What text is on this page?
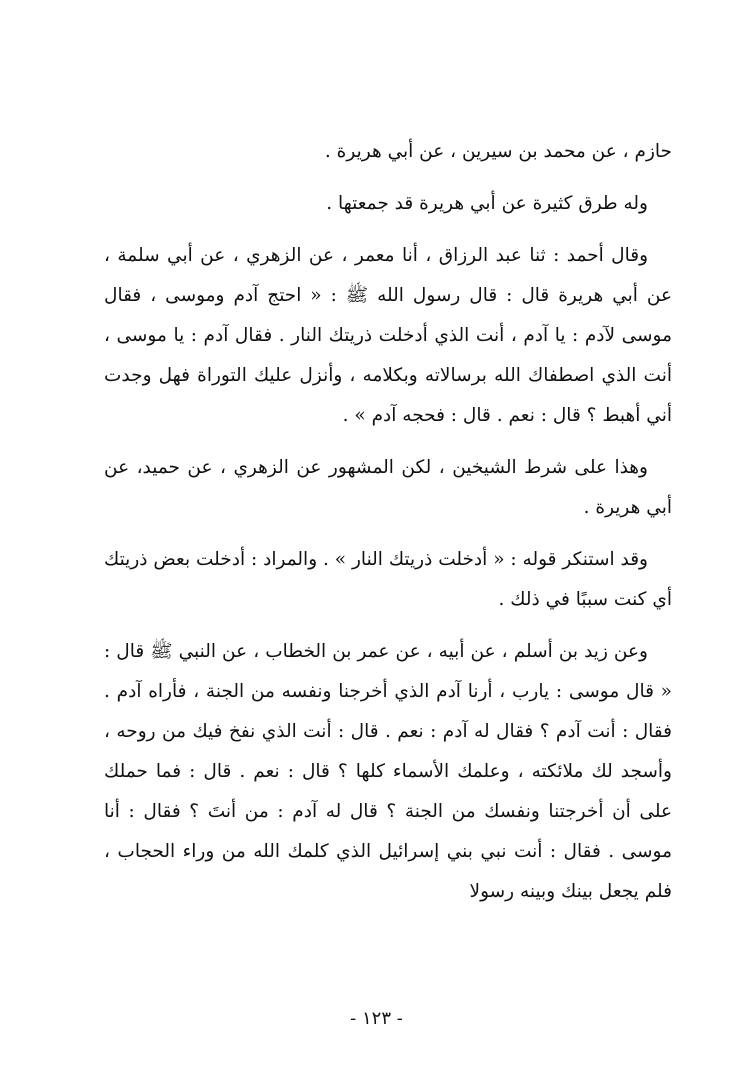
حازم ، عن محمد بن سيرين ، عن أبي هريرة .

وله طرق كثيرة عن أبي هريرة قد جمعتها .

وقال أحمد : ثنا عبد الرزاق ، أنا معمر ، عن الزهري ، عن أبي سلمة ، عن أبي هريرة قال : قال رسول الله ﷺ : « احتج آدم وموسى ، فقال موسى لآدم : يا آدم ، أنت الذي أدخلت ذريتك النار . فقال آدم : يا موسى ، أنت الذي اصطفاك الله برسالاته وبكلامه ، وأنزل عليك التوراة فهل وجدت أني أهبط ؟ قال : نعم . قال : فحجه آدم » .

وهذا على شرط الشيخين ، لكن المشهور عن الزهري ، عن حميد، عن أبي هريرة .

وقد استنكر قوله : « أدخلت ذريتك النار » . والمراد : أدخلت بعض ذريتك أي كنت سببًا في ذلك .

وعن زيد بن أسلم ، عن أبيه ، عن عمر بن الخطاب ، عن النبي ﷺ قال : « قال موسى : يارب ، أرنا آدم الذي أخرجنا ونفسه من الجنة ، فأراه آدم . فقال : أنت آدم ؟ فقال له آدم : نعم . قال : أنت الذي نفخ فيك من روحه ، وأسجد لك ملائكته ، وعلمك الأسماء كلها ؟ قال : نعم . قال : فما حملك على أن أخرجتنا ونفسك من الجنة ؟ قال له آدم : من أنتَ ؟ فقال : أنا موسى . فقال : أنت نبي بني إسرائيل الذي كلمك الله من وراء الحجاب ، فلم يجعل بينك وبينه رسولا

- ١٢٣ -
